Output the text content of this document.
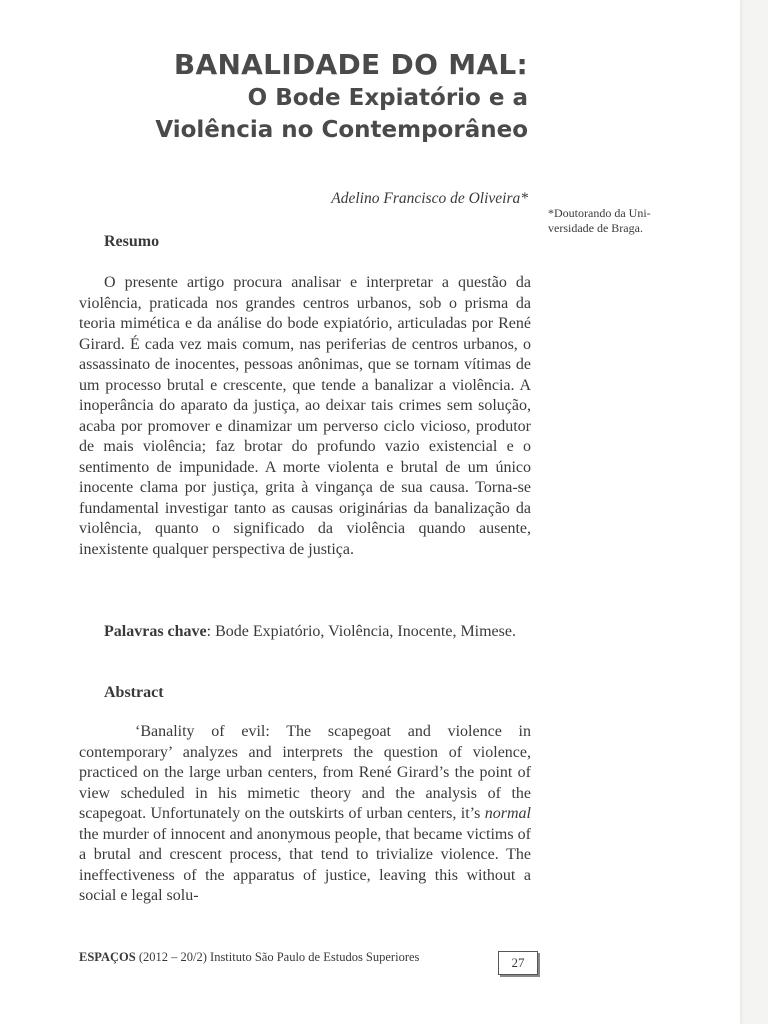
BANALIDADE DO MAL:
O Bode Expiatório e a
Violência no Contemporâneo
Adelino Francisco de Oliveira*
*Doutorando da Uni-
versidade de Braga.
Resumo

O presente artigo procura analisar e interpretar a questão da violência, praticada nos grandes centros urbanos, sob o prisma da teoria mimética e da análise do bode expiatório, articuladas por René Girard. É cada vez mais comum, nas periferias de centros urbanos, o assassinato de inocentes, pessoas anônimas, que se tornam vítimas de um processo brutal e crescente, que tende a banalizar a violência. A inoperância do aparato da justiça, ao deixar tais crimes sem solução, acaba por promover e dinamizar um perverso ciclo vicioso, produtor de mais violência; faz brotar do profundo vazio existencial e o sentimento de impunidade. A morte violenta e brutal de um único inocente clama por justiça, grita à vingança de sua causa. Torna-se fundamental investigar tanto as causas originárias da banalização da violência, quanto o significado da violência quando ausente, inexistente qualquer perspectiva de justiça.

Palavras chave: Bode Expiatório, Violência, Inocente, Mimese.
Abstract

‘Banality of evil: The scapegoat and violence in contemporary’ analyzes and interprets the question of violence, practiced on the large urban centers, from René Girard’s the point of view scheduled in his mimetic theory and the analysis of the scapegoat. Unfortunately on the outskirts of urban centers, it’s normal the murder of innocent and anonymous people, that became victims of a brutal and crescent process, that tend to trivialize violence. The ineffectiveness of the apparatus of justice, leaving this without a social e legal solu-

ESPAÇOS (2012 – 20/2) Instituto São Paulo de Estudos Superiores	27
